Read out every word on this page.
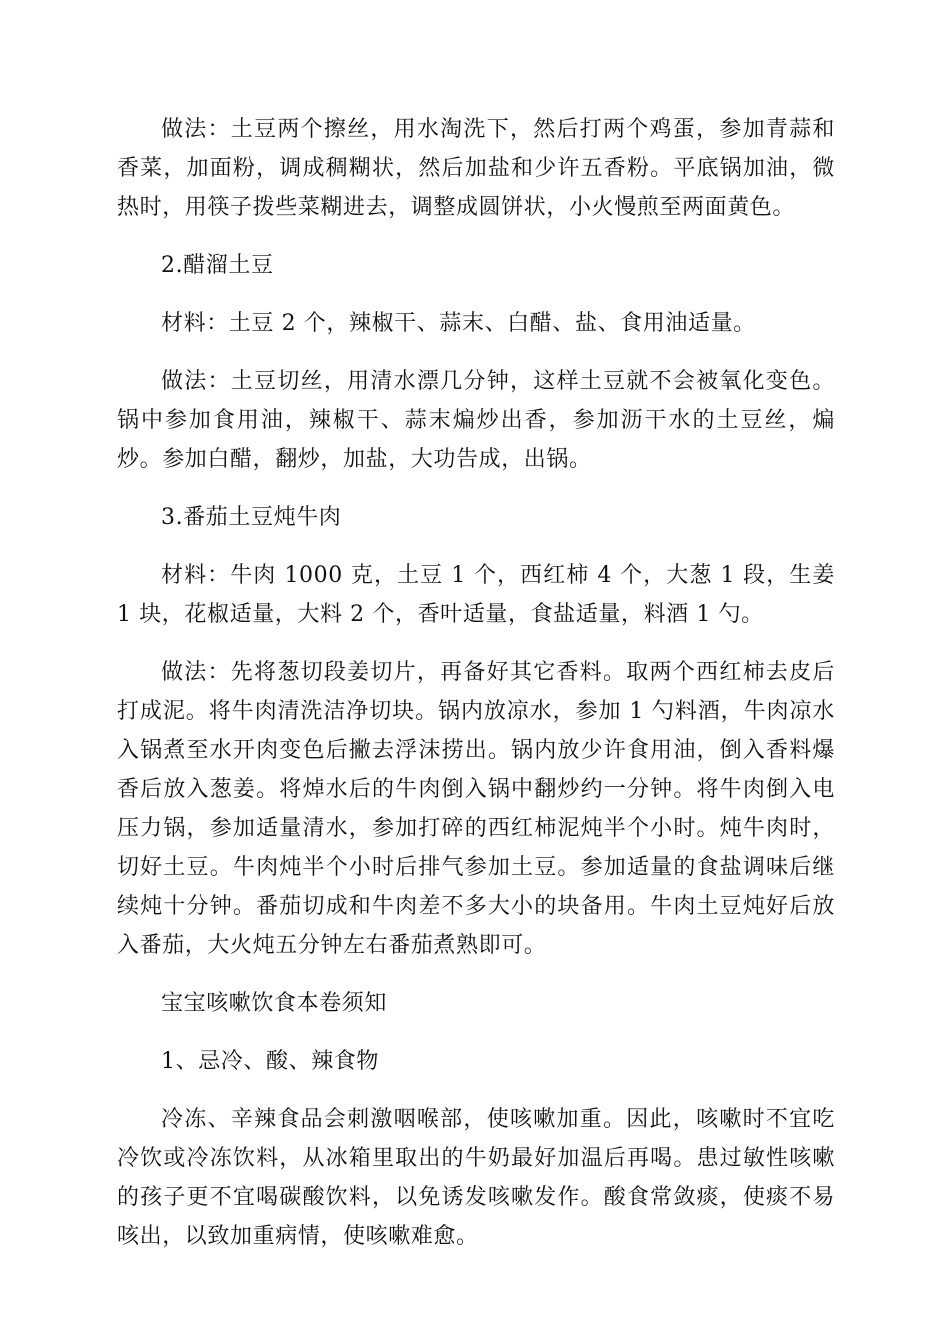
做法：土豆两个擦丝，用水淘洗下，然后打两个鸡蛋，参加青蒜和香菜，加面粉，调成稠糊状，然后加盐和少许五香粉。平底锅加油，微热时，用筷子拨些菜糊进去，调整成圆饼状，小火慢煎至两面黄色。

2.醋溜土豆

材料：土豆 2 个，辣椒干、蒜末、白醋、盐、食用油适量。

做法：土豆切丝，用清水漂几分钟，这样土豆就不会被氧化变色。锅中参加食用油，辣椒干、蒜末煸炒出香，参加沥干水的土豆丝，煸炒。参加白醋，翻炒，加盐，大功告成，出锅。

3.番茄土豆炖牛肉

材料：牛肉 1000 克，土豆 1 个，西红柿 4 个，大葱 1 段，生姜 1 块，花椒适量，大料 2 个，香叶适量，食盐适量，料酒 1 勺。

做法：先将葱切段姜切片，再备好其它香料。取两个西红柿去皮后打成泥。将牛肉清洗洁净切块。锅内放凉水，参加 1 勺料酒，牛肉凉水入锅煮至水开肉变色后撇去浮沫捞出。锅内放少许食用油，倒入香料爆香后放入葱姜。将焯水后的牛肉倒入锅中翻炒约一分钟。将牛肉倒入电压力锅，参加适量清水，参加打碎的西红柿泥炖半个小时。炖牛肉时，切好土豆。牛肉炖半个小时后排气参加土豆。参加适量的食盐调味后继续炖十分钟。番茄切成和牛肉差不多大小的块备用。牛肉土豆炖好后放入番茄，大火炖五分钟左右番茄煮熟即可。

宝宝咳嗽饮食本卷须知

1、忌冷、酸、辣食物

冷冻、辛辣食品会刺激咽喉部，使咳嗽加重。因此，咳嗽时不宜吃冷饮或冷冻饮料，从冰箱里取出的牛奶最好加温后再喝。患过敏性咳嗽的孩子更不宜喝碳酸饮料，以免诱发咳嗽发作。酸食常敛痰，使痰不易咳出，以致加重病情，使咳嗽难愈。
